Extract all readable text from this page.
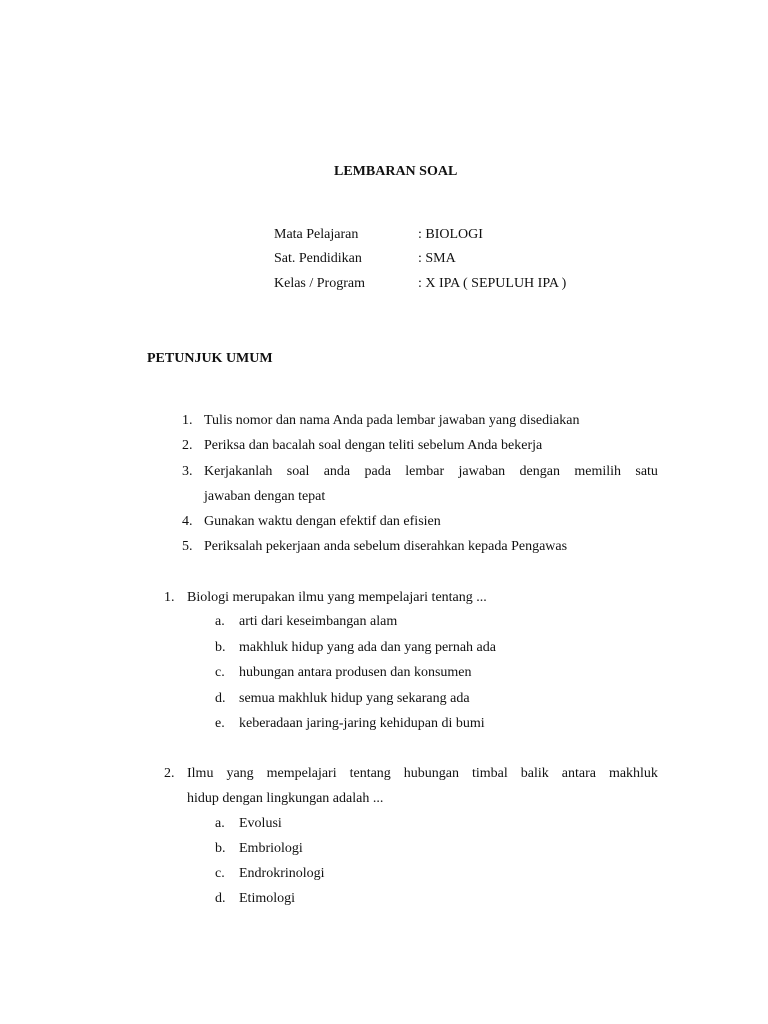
LEMBARAN SOAL
Mata Pelajaran	: BIOLOGI
Sat. Pendidikan	: SMA
Kelas / Program	: X IPA ( SEPULUH IPA )
PETUNJUK UMUM
1. Tulis nomor dan nama Anda pada lembar jawaban yang disediakan
2. Periksa dan bacalah soal dengan teliti sebelum Anda bekerja
3. Kerjakanlah soal anda pada lembar jawaban dengan memilih satu
jawaban dengan tepat
4. Gunakan waktu dengan efektif dan efisien
5. Periksalah pekerjaan anda sebelum diserahkan kepada Pengawas
1. Biologi merupakan ilmu yang mempelajari tentang ...
a. arti dari keseimbangan alam
b. makhluk hidup yang ada dan yang pernah ada
c. hubungan antara produsen dan konsumen
d. semua makhluk hidup yang sekarang ada
e. keberadaan jaring-jaring kehidupan di bumi
2. Ilmu yang mempelajari tentang hubungan timbal balik antara makhluk
hidup dengan lingkungan adalah ...
a. Evolusi
b. Embriologi
c. Endrokrinologi
d. Etimologi
